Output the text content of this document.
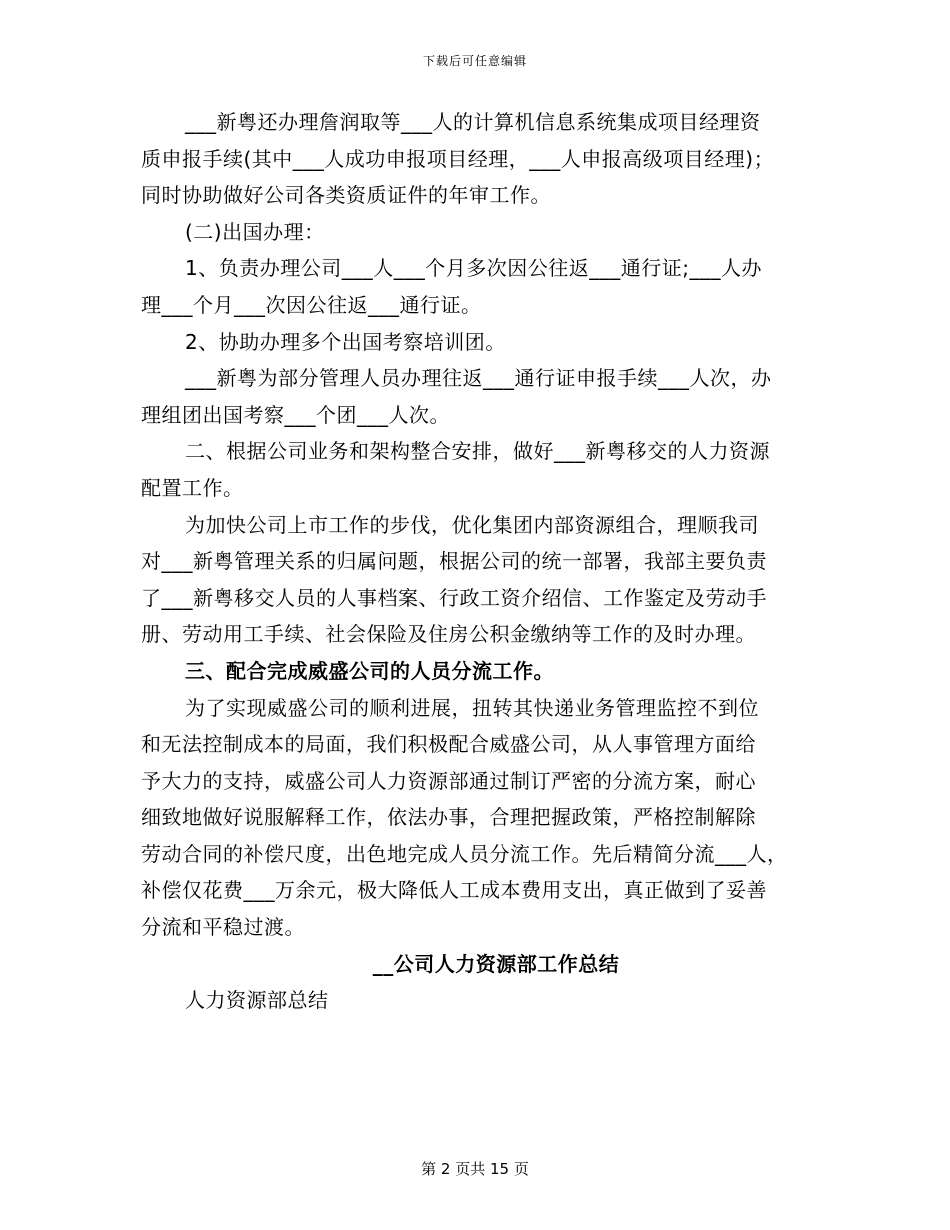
下载后可任意编辑
___新粤还办理詹润取等___人的计算机信息系统集成项目经理资
质申报手续(其中___人成功申报项目经理，___人申报高级项目经理)；
同时协助做好公司各类资质证件的年审工作。
(二)出国办理：
1、负责办理公司___人___个月多次因公往返___通行证;___人办
理___个月___次因公往返___通行证。
2、协助办理多个出国考察培训团。
___新粤为部分管理人员办理往返___通行证申报手续___人次，办
理组团出国考察___个团___人次。
二、根据公司业务和架构整合安排，做好___新粤移交的人力资源
配置工作。
为加快公司上市工作的步伐，优化集团内部资源组合，理顺我司
对___新粤管理关系的归属问题，根据公司的统一部署，我部主要负责
了___新粤移交人员的人事档案、行政工资介绍信、工作鉴定及劳动手
册、劳动用工手续、社会保险及住房公积金缴纳等工作的及时办理。
三、配合完成威盛公司的人员分流工作。
为了实现威盛公司的顺利进展，扭转其快递业务管理监控不到位
和无法控制成本的局面，我们积极配合威盛公司，从人事管理方面给
予大力的支持，威盛公司人力资源部通过制订严密的分流方案，耐心
细致地做好说服解释工作，依法办事，合理把握政策，严格控制解除
劳动合同的补偿尺度，出色地完成人员分流工作。先后精简分流___人，
补偿仅花费___万余元，极大降低人工成本费用支出，真正做到了妥善
分流和平稳过渡。
__公司人力资源部工作总结
人力资源部总结
第 2 页共 15 页
